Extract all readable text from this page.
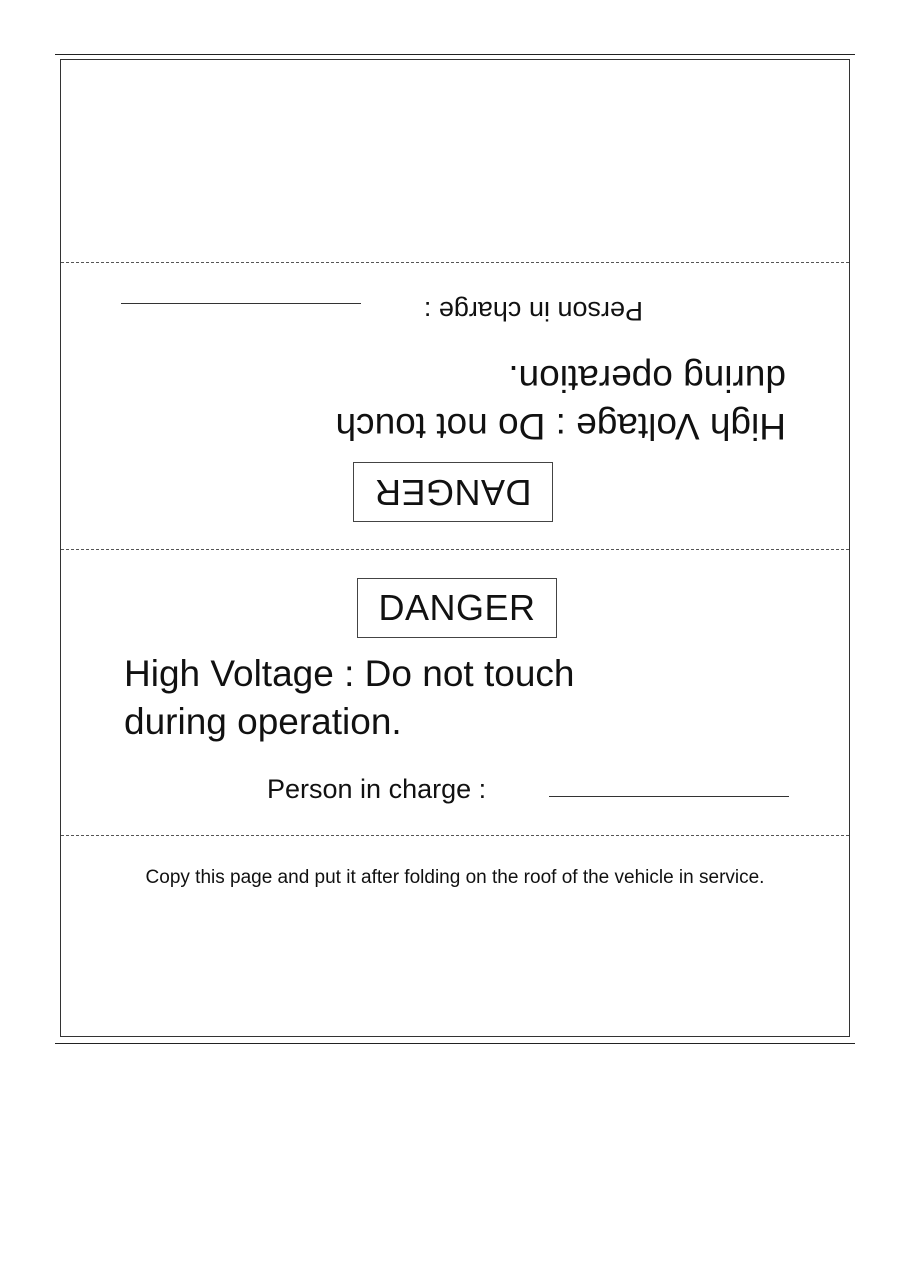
DANGER
High Voltage : Do not touch
during operation.
Person in charge :
DANGER
High Voltage : Do not touch
during operation.
Person in charge :
Copy this page and put it after folding on the roof of the vehicle in service.
